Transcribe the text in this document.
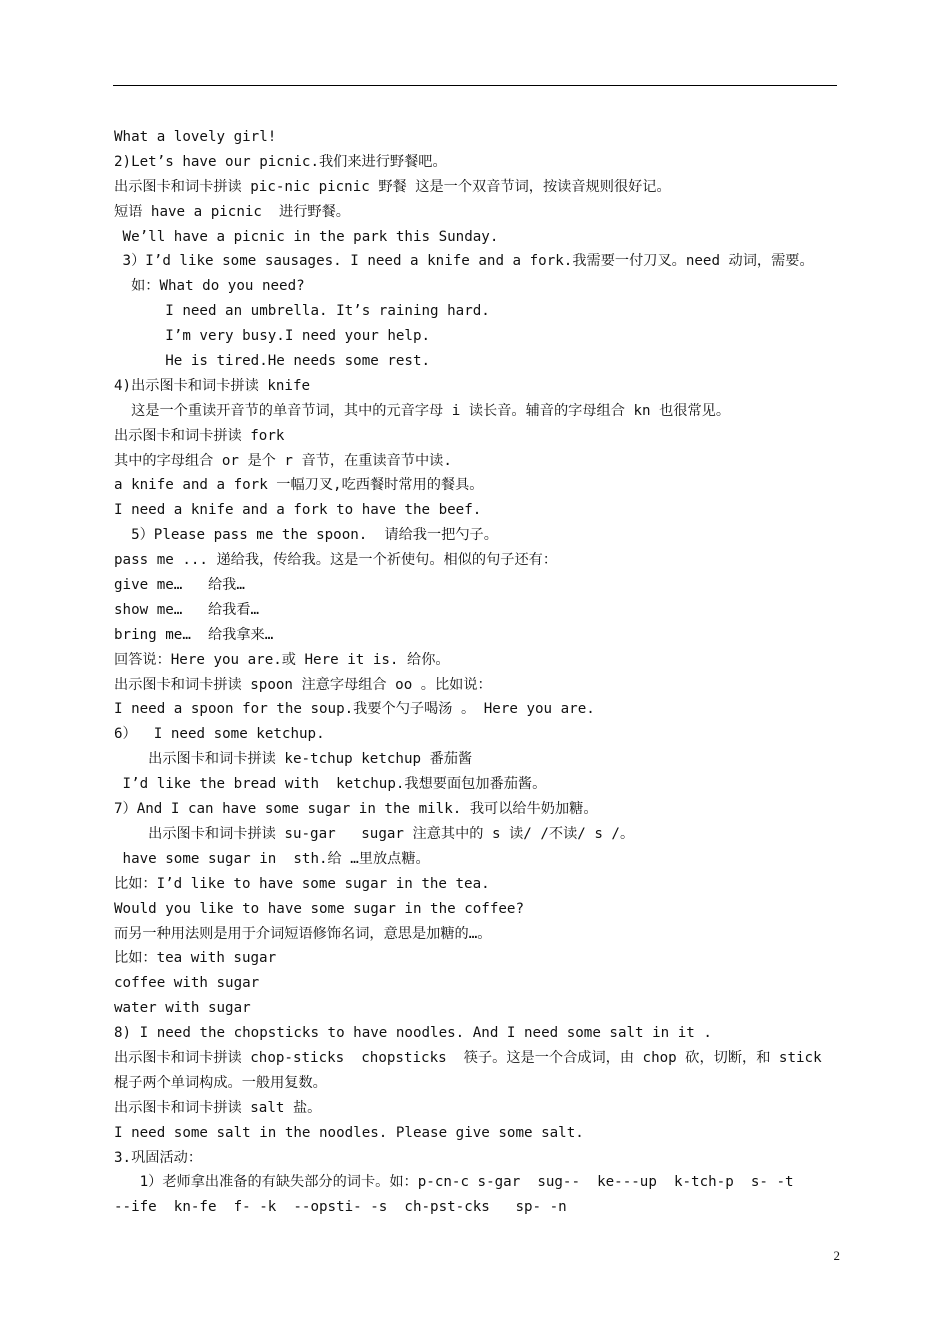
What a lovely girl!
2)Let’s have our picnic.我们来进行野餐吧。
出示图卡和词卡拼读 pic-nic picnic 野餐 这是一个双音节词，按读音规则很好记。
短语 have a picnic  进行野餐。
We’ll have a picnic in the park this Sunday.
3）I’d like some sausages. I need a knife and a fork.我需要一付刀叉。need 动词，需要。
如：What do you need?
I need an umbrella. It’s raining hard.
I’m very busy.I need your help.
He is tired.He needs some rest.
4)出示图卡和词卡拼读 knife
这是一个重读开音节的单音节词，其中的元音字母 i 读长音。辅音的字母组合 kn 也很常见。
出示图卡和词卡拼读 fork
其中的字母组合 or 是个 r 音节，在重读音节中读.
a knife and a fork 一幅刀叉,吃西餐时常用的餐具。
I need a knife and a fork to have the beef.
5）Please pass me the spoon.  请给我一把勺子。
pass me ... 递给我，传给我。这是一个祈使句。相似的句子还有：
give me…   给我…
show me…   给我看…
bring me…  给我拿来…
回答说：Here you are.或 Here it is. 给你。
出示图卡和词卡拼读 spoon 注意字母组合 oo 。比如说：
I need a spoon for the soup.我要个勺子喝汤 。 Here you are.
6）  I need some ketchup.
出示图卡和词卡拼读 ke-tchup ketchup 番茄酱
I’d like the bread with  ketchup.我想要面包加番茄酱。
7）And I can have some sugar in the milk. 我可以给牛奶加糖。
出示图卡和词卡拼读 su-gar   sugar 注意其中的 s 读/ /不读/ s /。
have some sugar in  sth.给 …里放点糖。
比如：I’d like to have some sugar in the tea.
Would you like to have some sugar in the coffee?
而另一种用法则是用于介词短语修饰名词，意思是加糖的…。
比如：tea with sugar
coffee with sugar
water with sugar
8) I need the chopsticks to have noodles. And I need some salt in it .
出示图卡和词卡拼读 chop-sticks  chopsticks  筷子。这是一个合成词，由 chop 砍，切断，和 stick
棍子两个单词构成。一般用复数。
出示图卡和词卡拼读 salt 盐。
I need some salt in the noodles. Please give some salt.
3.巩固活动：
1）老师拿出准备的有缺失部分的词卡。如：p-cn-c s-gar  sug--  ke---up  k-tch-p  s- -t
--ife  kn-fe  f- -k  --opsti- -s  ch-pst-cks   sp- -n
2
